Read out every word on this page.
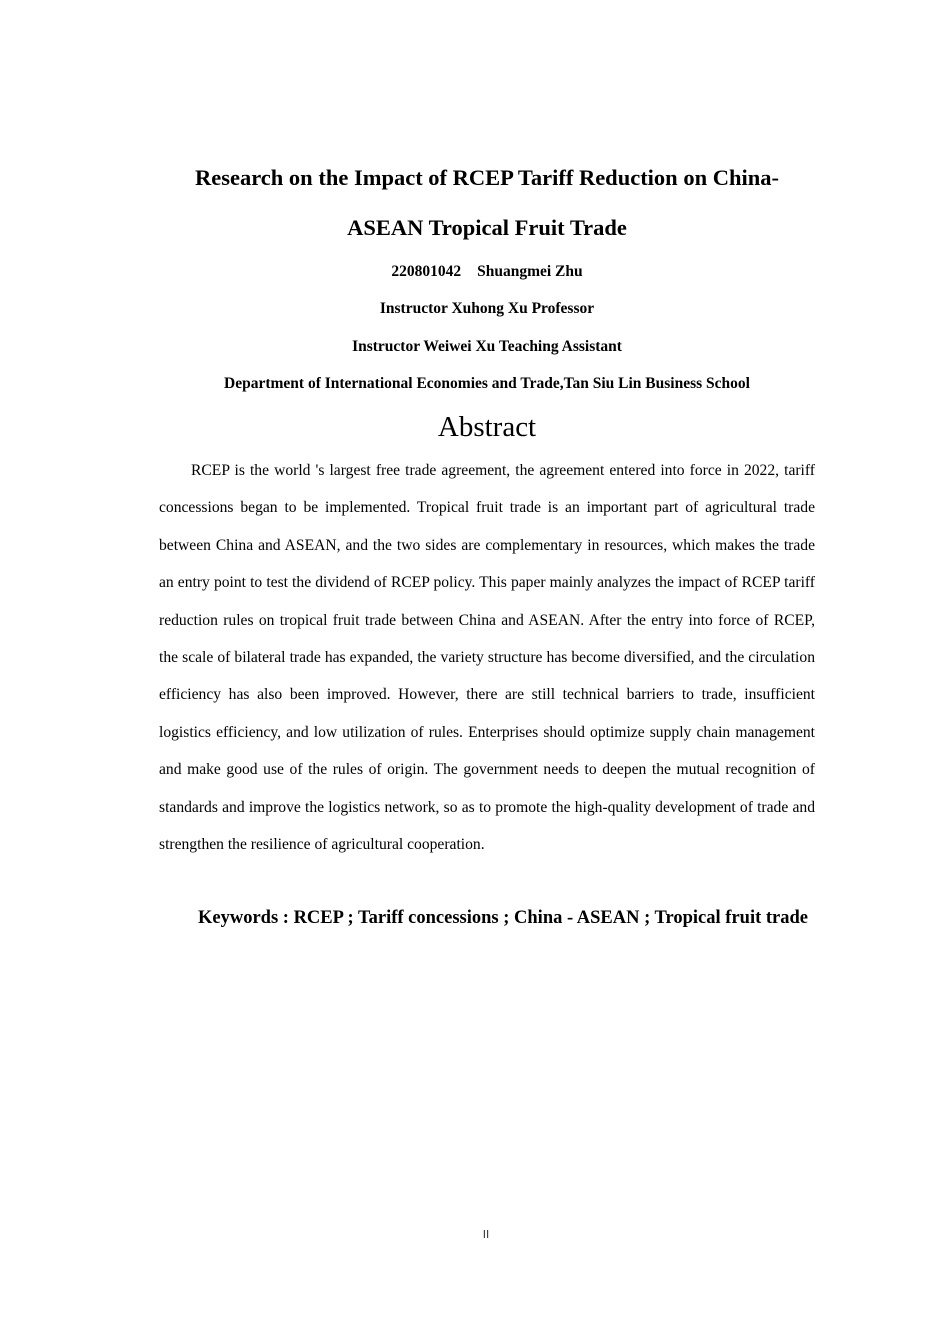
Research on the Impact of RCEP Tariff Reduction on China-
ASEAN Tropical Fruit Trade
220801042 Shuangmei Zhu
Instructor Xuhong Xu Professor
Instructor Weiwei Xu Teaching Assistant
Department of International Economies and Trade,Tan Siu Lin Business School
Abstract

RCEP is the world 's largest free trade agreement, the agreement entered into force in 2022, tariff concessions began to be implemented. Tropical fruit trade is an important part of agricultural trade between China and ASEAN, and the two sides are complementary in resources, which makes the trade an entry point to test the dividend of RCEP policy. This paper mainly analyzes the impact of RCEP tariff reduction rules on tropical fruit trade between China and ASEAN. After the entry into force of RCEP, the scale of bilateral trade has expanded, the variety structure has become diversified, and the circulation efficiency has also been improved. However, there are still technical barriers to trade, insufficient logistics efficiency, and low utilization of rules. Enterprises should optimize supply chain management and make good use of the rules of origin. The government needs to deepen the mutual recognition of standards and improve the logistics network, so as to promote the high-quality development of trade and strengthen the resilience of agricultural cooperation.

Keywords : RCEP ; Tariff concessions ; China - ASEAN ; Tropical fruit trade

II
